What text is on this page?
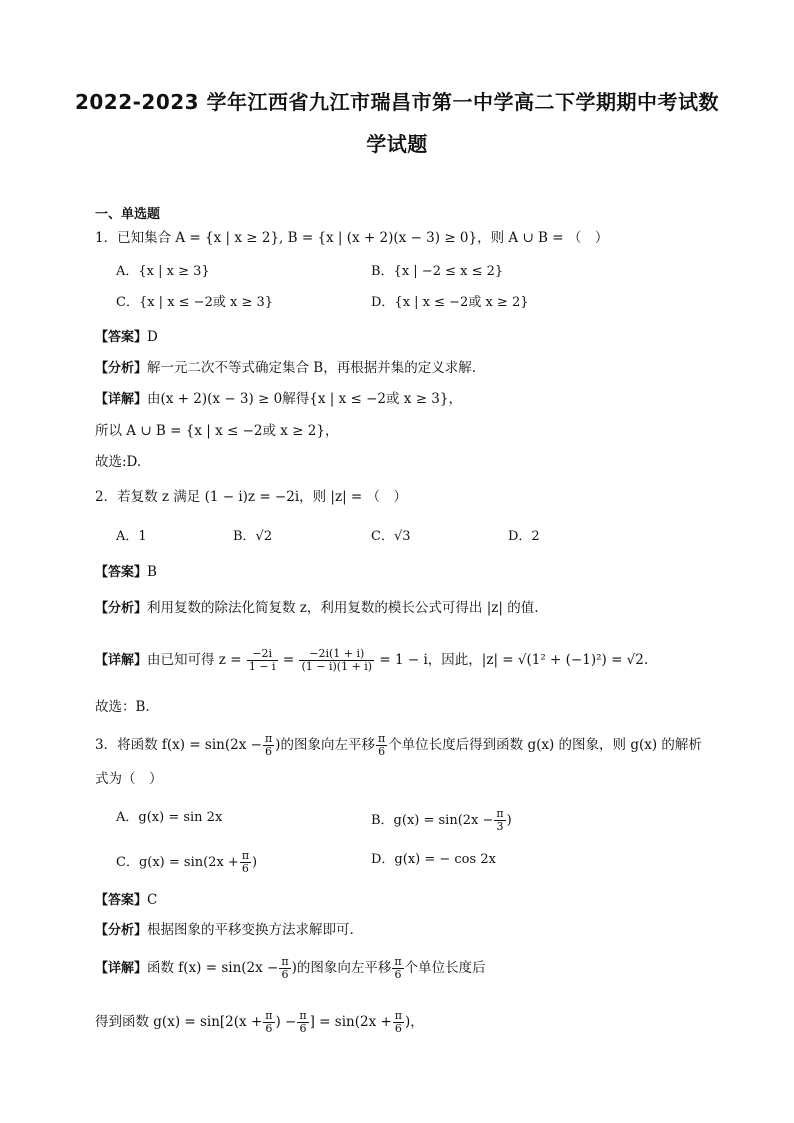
2022-2023 学年江西省九江市瑞昌市第一中学高二下学期期中考试数
学试题
一、单选题
1．已知集合 A = {x | x ≥ 2}, B = {x | (x + 2)(x − 3) ≥ 0}，则 A ∪ B = （　）
A．{x | x ≥ 3}	B．{x | −2 ≤ x ≤ 2}
C．{x | x ≤ −2或 x ≥ 3}	D．{x | x ≤ −2或 x ≥ 2}
【答案】D
【分析】解一元二次不等式确定集合 B，再根据并集的定义求解.
【详解】由(x + 2)(x − 3) ≥ 0解得{x | x ≤ −2或 x ≥ 3}，
所以 A ∪ B = {x | x ≤ −2或 x ≥ 2}，
故选:D.
2．若复数 z 满足 (1 − i)z = −2i，则 |z| = （　）
A．1	B．√2	C．√3	D．2
【答案】B
【分析】利用复数的除法化简复数 z，利用复数的模长公式可得出 |z| 的值.
【详解】由已知可得 $z = \frac{-2i}{1 - i} = \frac{-2i(1 + i)}{(1 - i)(1 + i)} = 1 - i$，因此，|z| = √(1² + (−1)²) = √2.
故选：B.
3．将函数 $f(x) = \sin(2x - \frac{\pi}{6}$ )的图象向左平移 $\frac{\pi}{6}$ 个单位长度后得到函数 g(x) 的图象，则 g(x) 的解析
式为（　）
A．g(x) = sin 2x	B．$g(x) = \sin(2x - \frac{\pi}{3}$ )
C．$g(x) = \sin(2x + \frac{\pi}{6}$ )	D．g(x) = − cos 2x
【答案】C
【分析】根据图象的平移变换方法求解即可.
【详解】函数 $f(x) = \sin(2x - \frac{\pi}{6}$ )的图象向左平移 $\frac{\pi}{6}$ 个单位长度后
得到函数 $g(x) = \sin[2(x + \frac{\pi}{6}$ ) − $\frac{\pi}{6}$ ] = $\sin(2x + \frac{\pi}{6}$ )，
